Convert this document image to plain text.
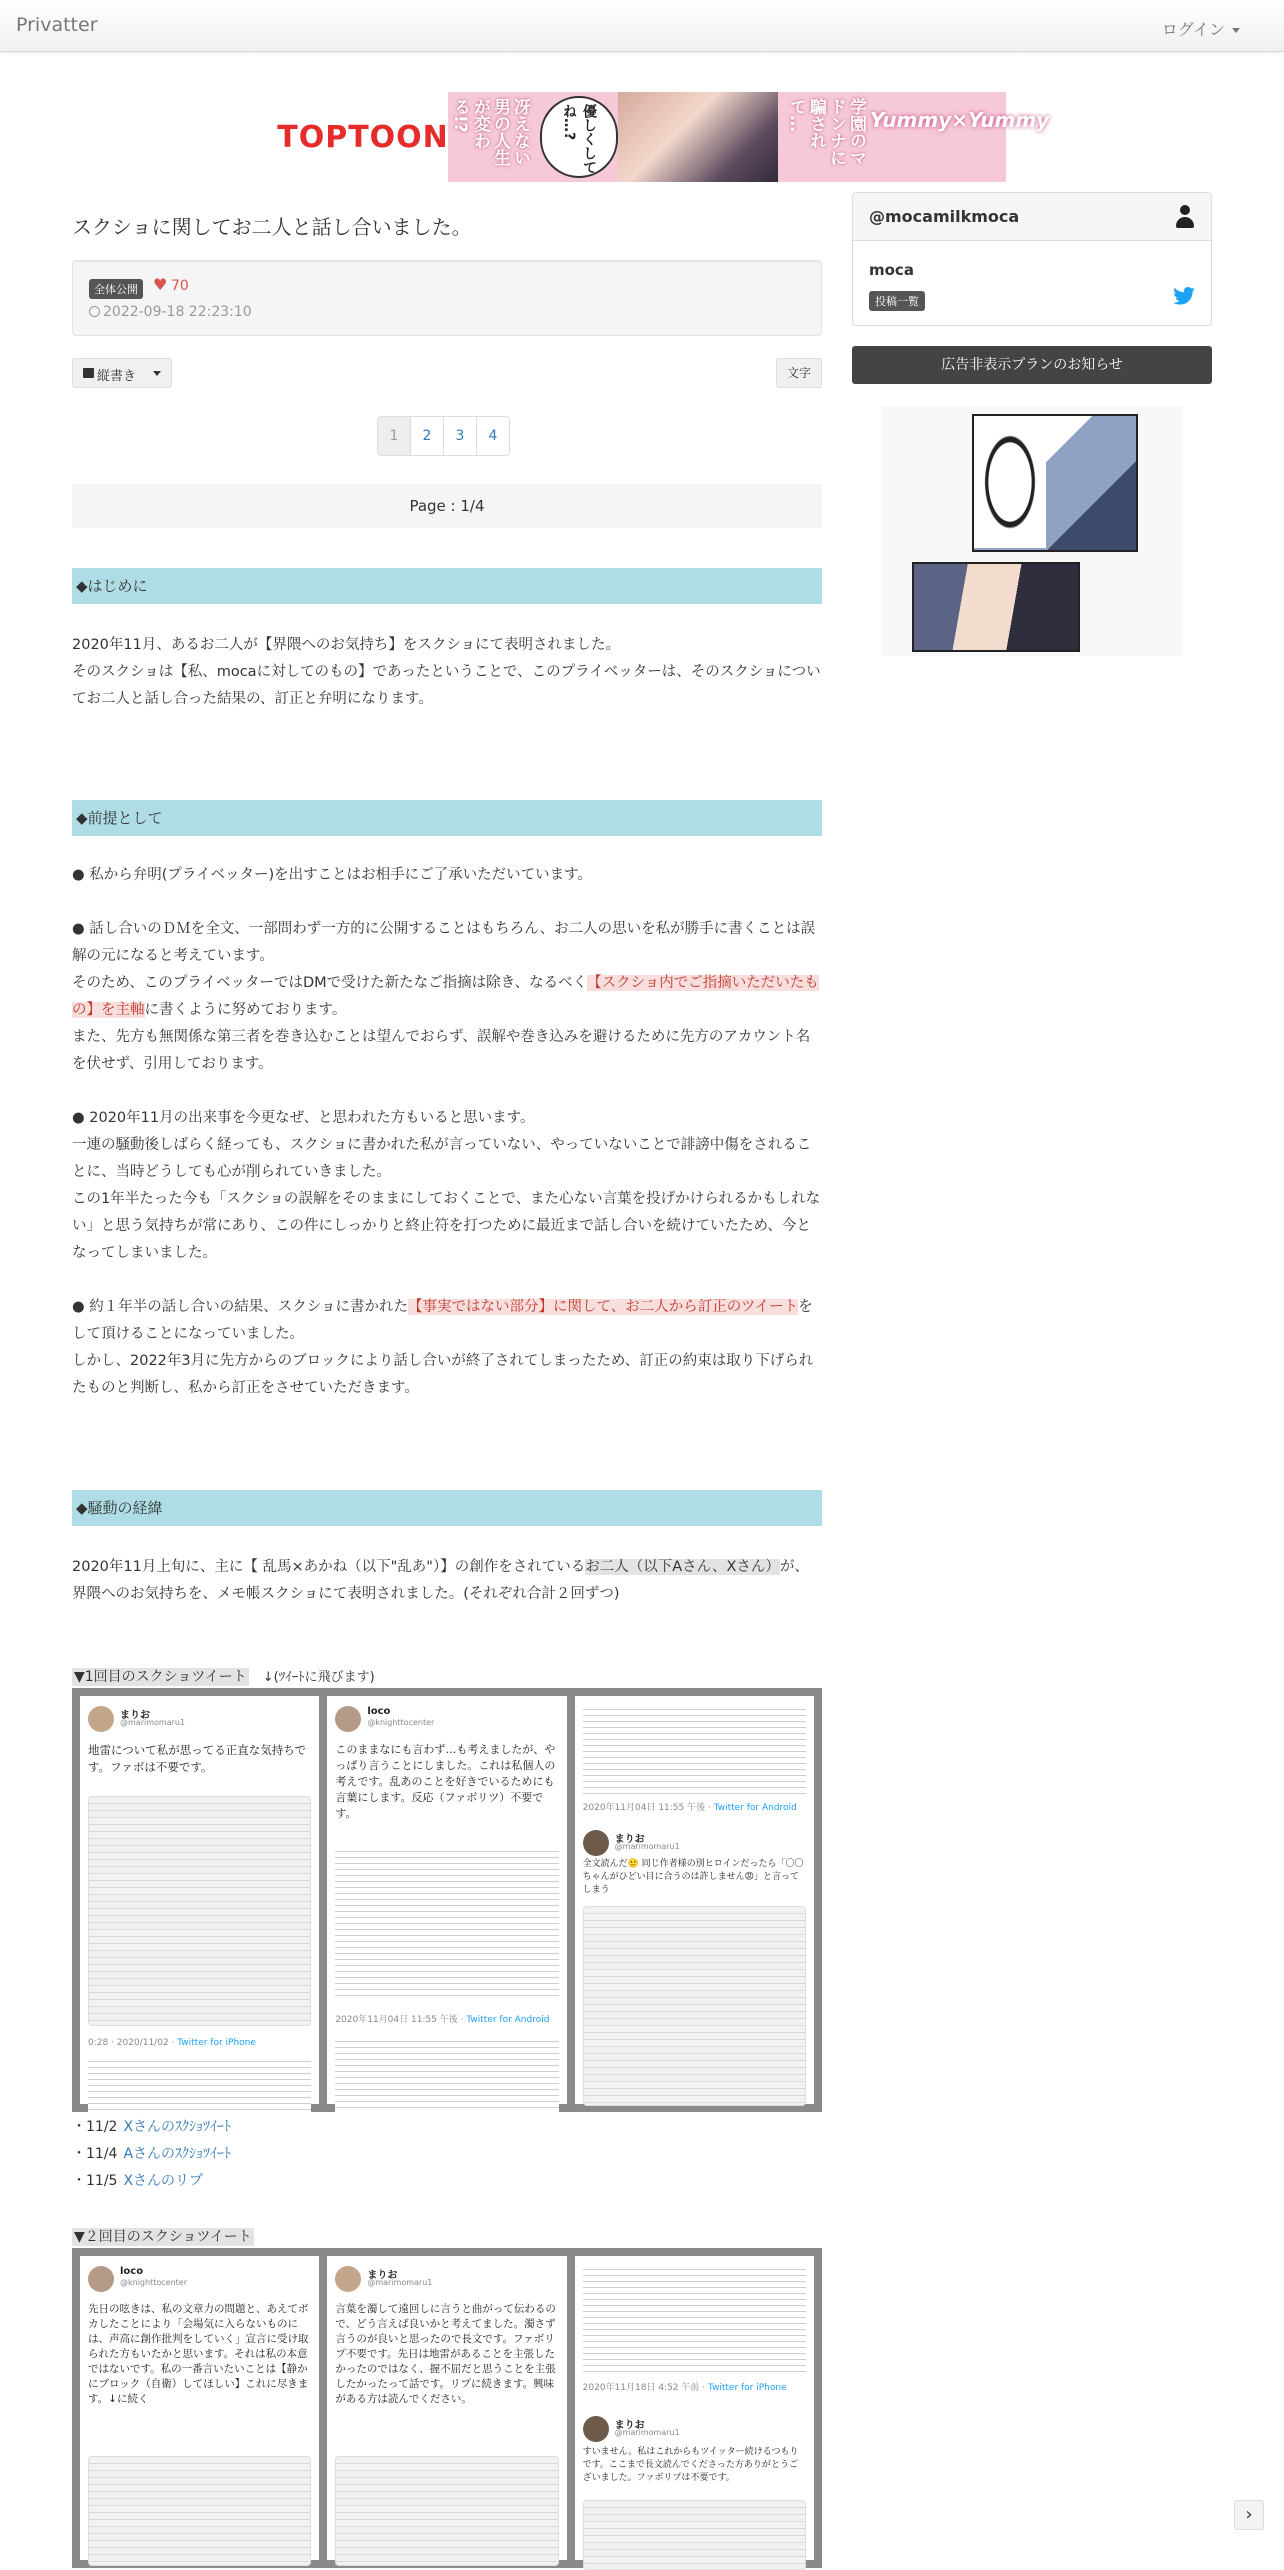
Privatter	ログイン
TOPTOON	冴えない男の人生が変わる!?	優しくしてね…?	学園のマドンナに騙されて…	Yummy×Yummy
スクショに関してお二人と話し合いました。
全体公開 ♥ 70
2022-09-18 22:23:10
縦書き	文字
1	2	3	4
Page : 1/4
◆はじめに
2020年11月、あるお二人が【界隈へのお気持ち】をスクショにて表明されました。
そのスクショは【私、mocaに対してのもの】であったということで、このプライベッターは、そのスクショについてお二人と話し合った結果の、訂正と弁明になります。
◆前提として
● 私から弁明(プライベッター)を出すことはお相手にご了承いただいています。
● 話し合いのＤＭを全文、一部問わず一方的に公開することはもちろん、お二人の思いを私が勝手に書くことは誤解の元になると考えています。
そのため、このプライベッターではDMで受けた新たなご指摘は除き、なるべく【スクショ内でご指摘いただいたもの】を主軸に書くように努めております。
また、先方も無関係な第三者を巻き込むことは望んでおらず、誤解や巻き込みを避けるために先方のアカウント名を伏せず、引用しております。
● 2020年11月の出来事を今更なぜ、と思われた方もいると思います。
一連の騒動後しばらく経っても、スクショに書かれた私が言っていない、やっていないことで誹謗中傷をされることに、当時どうしても心が削られていきました。
この1年半たった今も「スクショの誤解をそのままにしておくことで、また心ない言葉を投げかけられるかもしれない」と思う気持ちが常にあり、この件にしっかりと終止符を打つために最近まで話し合いを続けていたため、今となってしまいました。
● 約１年半の話し合いの結果、スクショに書かれた【事実ではない部分】に関して、お二人から訂正のツイートをして頂けることになっていました。
しかし、2022年3月に先方からのブロックにより話し合いが終了されてしまったため、訂正の約束は取り下げられたものと判断し、私から訂正をさせていただきます。
◆騒動の経緯
2020年11月上旬に、主に【 乱馬×あかね（以下"乱あ"）】の創作をされているお二人（以下Aさん、Xさん）が、界隈へのお気持ちを、メモ帳スクショにて表明されました。(それぞれ合計２回ずつ)
▼1回目のスクショツイート ↓(ﾂｲｰﾄに飛びます)
まりお
@marimomaru1
地雷について私が思ってる正直な気持ちです。ファボは不要です。
0:28 · 2020/11/02 · Twitter for iPhone
loco
@knighttocenter
このままなにも言わず…も考えましたが、やっぱり言うことにしました。これは私個人の考えです。乱あのことを好きでいるためにも言葉にします。反応（ファボリツ）不要です。
2020年11月04日 11:55 午後 · Twitter for Android
2020年11月04日 11:55 午後 · Twitter for Android
まりお
@marimomaru1
全文読んだ🙂 同じ作者様の別ヒロインだったら「〇〇ちゃんがひどい目に合うのは許しません😡」と言ってしまう
・11/2 Xさんのｽｸｼｮﾂｲｰﾄ
・11/4 Aさんのｽｸｼｮﾂｲｰﾄ
・11/5 Xさんのリプ
▼２回目のスクショツイート
loco
@knighttocenter
先日の呟きは、私の文章力の問題と、あえてボカしたことにより「会場気に入らないものには、声高に創作批判をしていく」宣言に受け取られた方もいたかと思います。それは私の本意ではないです。私の一番言いたいことは【静かにブロック（自衛）してほしい】これに尽きます。↓に続く
まりお
@marimomaru1
言葉を濁して遠回しに言うと曲がって伝わるので、どう言えば良いかと考えてました。濁さず言うのが良いと思ったので長文です。ファボリプ不要です。先日は地雷があることを主張したかったのではなく、握不屈だと思うことを主張したかったって話です。リプに続きます。興味がある方は読んでください。
2020年11月18日 4:52 午前 · Twitter for iPhone
まりお
@marimomaru1
すいません。私はこれからもツイッター続けるつもりです。ここまで長文読んでくださった方ありがとうございました。ファボリプは不要です。
@mocamilkmoca
moca
投稿一覧
広告非表示プランのお知らせ
›
